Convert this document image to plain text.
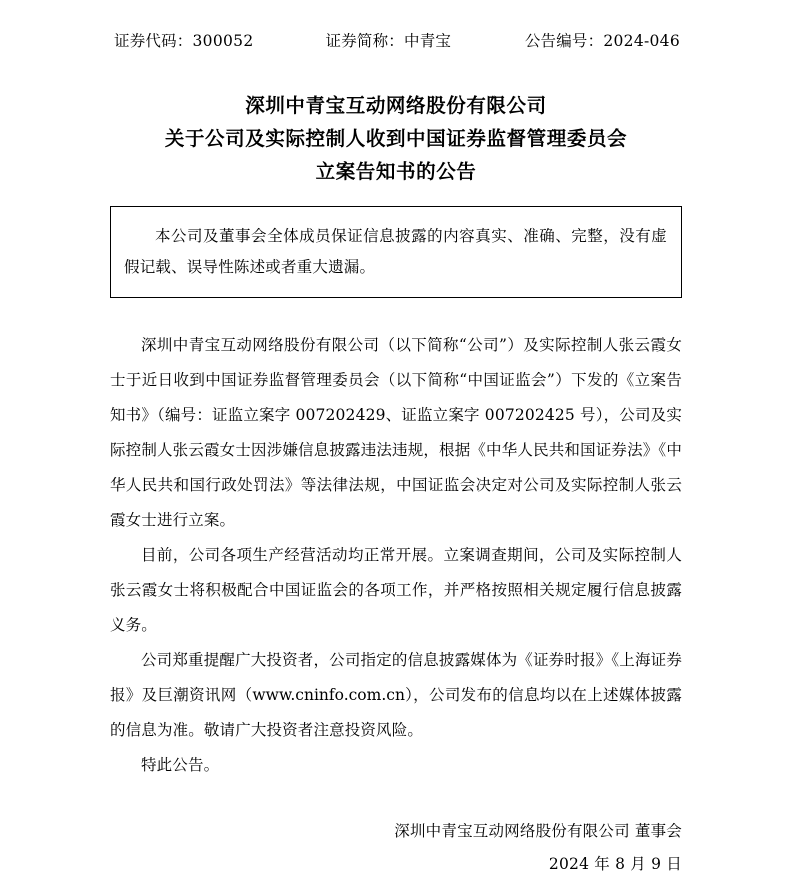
证券代码：300052	证券简称：中青宝	公告编号：2024-046
深圳中青宝互动网络股份有限公司
关于公司及实际控制人收到中国证券监督管理委员会
立案告知书的公告

本公司及董事会全体成员保证信息披露的内容真实、准确、完整，没有虚假记载、误导性陈述或者重大遗漏。

深圳中青宝互动网络股份有限公司（以下简称“公司”）及实际控制人张云霞女士于近日收到中国证券监督管理委员会（以下简称“中国证监会”）下发的《立案告知书》（编号：证监立案字 007202429、证监立案字 007202425 号），公司及实际控制人张云霞女士因涉嫌信息披露违法违规，根据《中华人民共和国证券法》《中华人民共和国行政处罚法》等法律法规，中国证监会决定对公司及实际控制人张云霞女士进行立案。

目前，公司各项生产经营活动均正常开展。立案调查期间，公司及实际控制人张云霞女士将积极配合中国证监会的各项工作，并严格按照相关规定履行信息披露义务。

公司郑重提醒广大投资者，公司指定的信息披露媒体为《证券时报》《上海证券报》及巨潮资讯网（www.cninfo.com.cn），公司发布的信息均以在上述媒体披露的信息为准。敬请广大投资者注意投资风险。

特此公告。
深圳中青宝互动网络股份有限公司 董事会
2024 年 8 月 9 日
